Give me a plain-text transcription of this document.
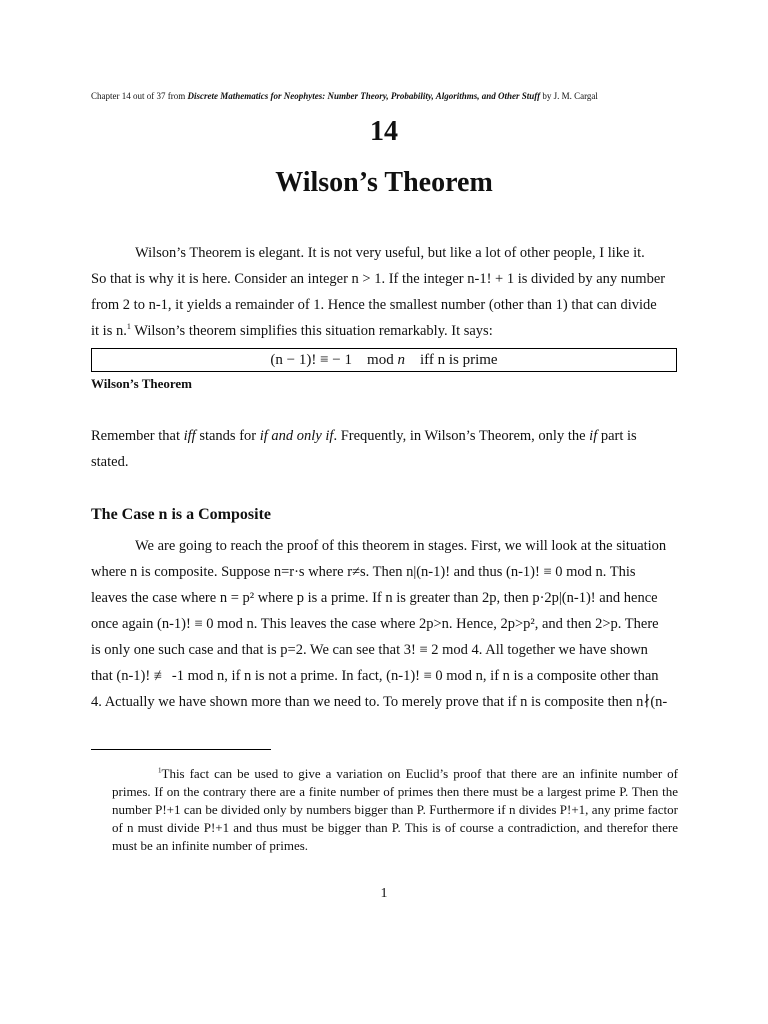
Chapter 14 out of 37 from Discrete Mathematics for Neophytes: Number Theory, Probability, Algorithms, and Other Stuff by J. M. Cargal
14
Wilson’s Theorem
Wilson’s Theorem is elegant. It is not very useful, but like a lot of other people, I like it.
So that is why it is here. Consider an integer n > 1. If the integer n-1! + 1 is divided by any number
from 2 to n-1, it yields a remainder of 1. Hence the smallest number (other than 1) that can divide
it is n.$^1$ Wilson’s theorem simplifies this situation remarkably. It says:
(n − 1)! ≡ − 1 mod n iff n is prime
Wilson’s Theorem
Remember that iff stands for if and only if. Frequently, in Wilson’s Theorem, only the if part is
stated.
The Case n is a Composite
We are going to reach the proof of this theorem in stages. First, we will look at the situation
where n is composite. Suppose n=r·s where r≠s. Then n|(n-1)! and thus (n-1)! ≡ 0 mod n. This
leaves the case where n = p² where p is a prime. If n is greater than 2p, then p·2p|(n-1)! and hence
once again (n-1)! ≡ 0 mod n. This leaves the case where 2p>n. Hence, 2p>p², and then 2>p. There
is only one such case and that is p=2. We can see that 3! ≡ 2 mod 4. All together we have shown
that (n-1)! ≢ -1 mod n, if n is not a prime. In fact, (n-1)! ≡ 0 mod n, if n is a composite other than
4. Actually we have shown more than we need to. To merely prove that if n is composite then n∤(n-
$^1$This fact can be used to give a variation on Euclid’s proof that there are an infinite number of primes. If on the contrary there are a finite number of primes then there must be a largest prime P. Then the number P!+1 can be divided only by numbers bigger than P. Furthermore if n divides P!+1, any prime factor of n must divide P!+1 and thus must be bigger than P. This is of course a contradiction, and therefor there must be an infinite number of primes.
1
